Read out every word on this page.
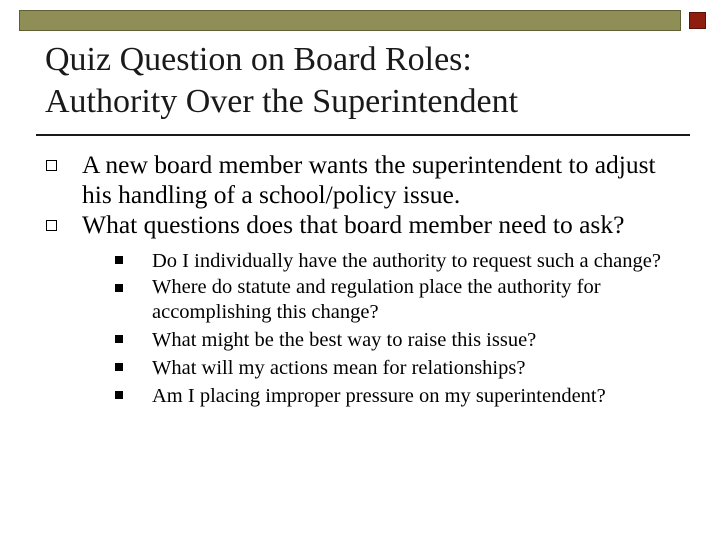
Quiz Question on Board Roles:
Authority Over the Superintendent
A new board member wants the superintendent to adjust his handling of a school/policy issue.
What questions does that board member need to ask?
Do I individually have the authority to request such a change?
Where do statute and regulation place the authority for accomplishing this change?
What might be the best way to raise this issue?
What will my actions mean for relationships?
Am I placing improper pressure on my superintendent?
